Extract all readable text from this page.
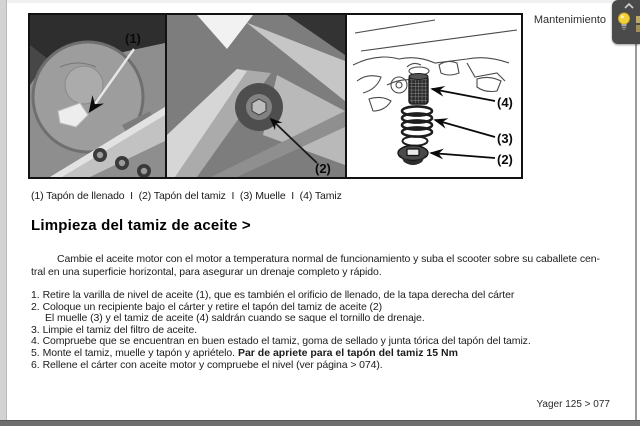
(1)
(2)
(4)
(3)
(2)
Mantenimiento
(1) Tapón de llenado  I  (2) Tapón del tamiz  I  (3) Muelle  I  (4) Tamiz
Limpieza del tamiz de aceite >
Cambie el aceite motor con el motor a temperatura normal de funcionamiento y suba el scooter sobre su caballete cen-
tral en una superficie horizontal, para asegurar un drenaje completo y rápido.
1. Retire la varilla de nivel de aceite (1), que es también el orificio de llenado, de la tapa derecha del cárter
2. Coloque un recipiente bajo el cárter y retire el tapón del tamiz de aceite (2)
El muelle (3) y el tamiz de aceite (4) saldrán cuando se saque el tornillo de drenaje.
3. Limpie el tamiz del filtro de aceite.
4. Compruebe que se encuentran en buen estado el tamiz, goma de sellado y junta tórica del tapón del tamiz.
5. Monte el tamiz, muelle y tapón y apriételo. Par de apriete para el tapón del tamiz 15 Nm
6. Rellene el cárter con aceite motor y compruebe el nivel (ver página > 074).
Yager 125 > 077
